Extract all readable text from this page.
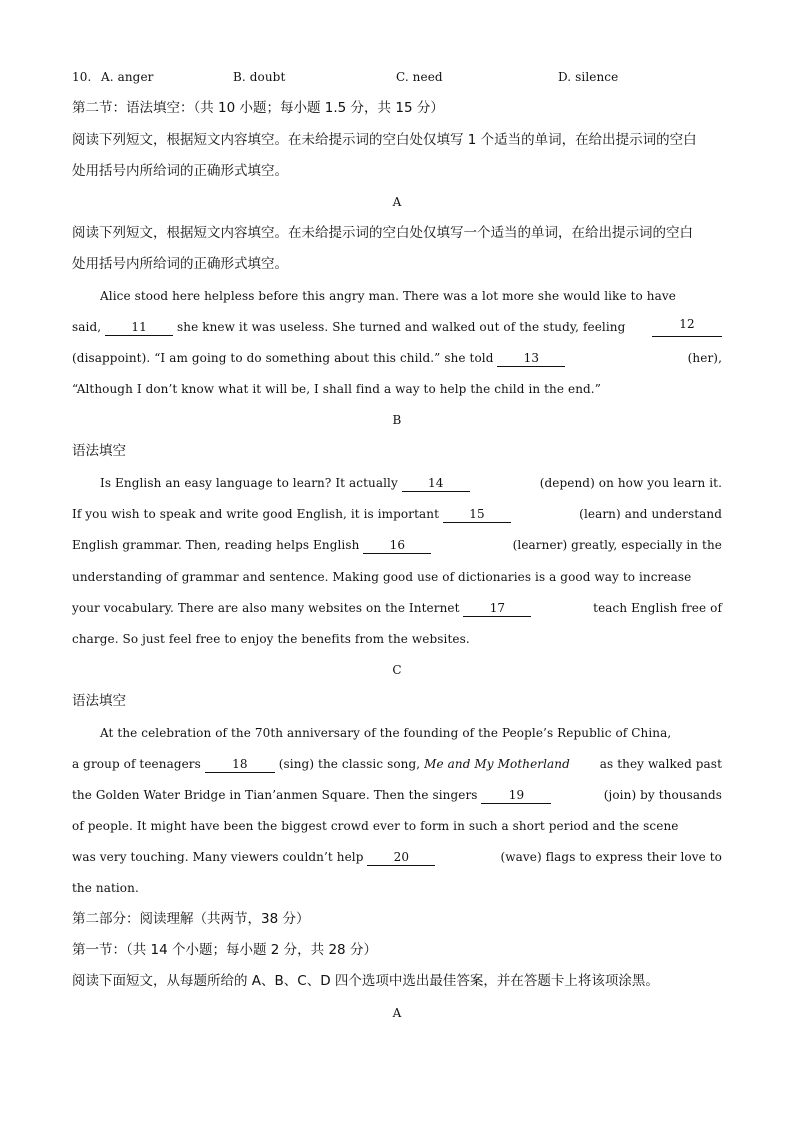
10. A. anger	B. doubt	C. need	D. silence
第二节：语法填空：（共 10 小题；每小题 1.5 分，共 15 分）
阅读下列短文，根据短文内容填空。在未给提示词的空白处仅填写 1 个适当的单词，在给出提示词的空白
处用括号内所给词的正确形式填空。
A
阅读下列短文，根据短文内容填空。在未给提示词的空白处仅填写一个适当的单词，在给出提示词的空白
处用括号内所给词的正确形式填空。
Alice stood here helpless before this angry man. There was a lot more she would like to have
said,	11	she knew it was useless. She turned and walked out of the study, feeling	12
(disappoint). “I am going to do something about this child.” she told	13	(her),
“Although I don’t know what it will be, I shall find a way to help the child in the end.”
B
语法填空
Is English an easy language to learn? It actually	14	(depend) on how you learn it.
If you wish to speak and write good English, it is important	15	(learn) and understand
English grammar. Then, reading helps English	16	(learner) greatly, especially in the
understanding of grammar and sentence. Making good use of dictionaries is a good way to increase
your vocabulary. There are also many websites on the Internet	17	teach English free of
charge. So just feel free to enjoy the benefits from the websites.
C
语法填空
At the celebration of the 70th anniversary of the founding of the People’s Republic of China,
a group of teenagers	18	(sing) the classic song, Me and My Motherland as they walked past
the Golden Water Bridge in Tian’anmen Square. Then the singers	19	(join) by thousands
of people. It might have been the biggest crowd ever to form in such a short period and the scene
was very touching. Many viewers couldn’t help	20	(wave) flags to express their love to
the nation.
第二部分：阅读理解（共两节，38 分）
第一节：（共 14 个小题；每小题 2 分，共 28 分）
阅读下面短文，从每题所给的 A、B、C、D 四个选项中选出最佳答案，并在答题卡上将该项涂黑。
A
